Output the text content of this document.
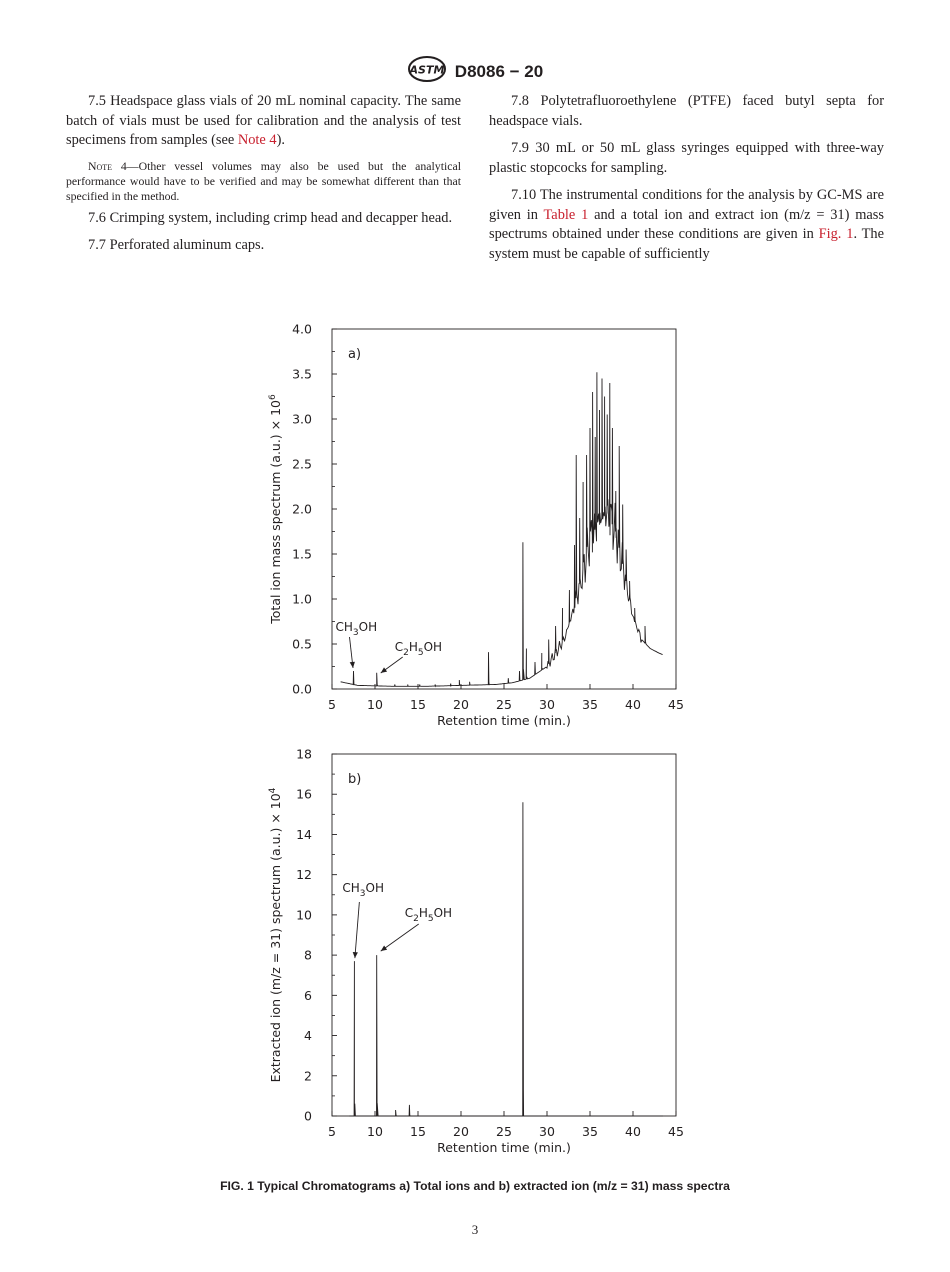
ASTM D8086 − 20

7.5 Headspace glass vials of 20 mL nominal capacity. The same batch of vials must be used for calibration and the analysis of test specimens from samples (see Note 4).

Note 4—Other vessel volumes may also be used but the analytical performance would have to be verified and may be somewhat different than that specified in the method.

7.6 Crimping system, including crimp head and decapper head.

7.7 Perforated aluminum caps.

7.8 Polytetrafluoroethylene (PTFE) faced butyl septa for headspace vials.

7.9 30 mL or 50 mL glass syringes equipped with three-way plastic stopcocks for sampling.

7.10 The instrumental conditions for the analysis by GC-MS are given in Table 1 and a total ion and extract ion (m/z = 31) mass spectrums obtained under these conditions are given in Fig. 1. The system must be capable of sufficiently

0.0
0.5
1.0
1.5
2.0
2.5
3.0
3.5
4.0
5 10 15 20 25 30 35 40 45
Retention time (min.)
Total ion mass spectrum $(a.u.) \times 10^6$
a)
$CH_3OH$
$C_2H_5OH$
0
2
4
6
8
10
12
14
16
18
5 10 15 20 25 30 35 40 45
Retention time (min.)
Extracted ion (m/z = 31) spectrum $(a.u.) \times 10^4$
b)
$CH_3OH$
$C_2H_5OH$
FIG. 1 Typical Chromatograms a) Total ions and b) extracted ion (m/z = 31) mass spectra
3
